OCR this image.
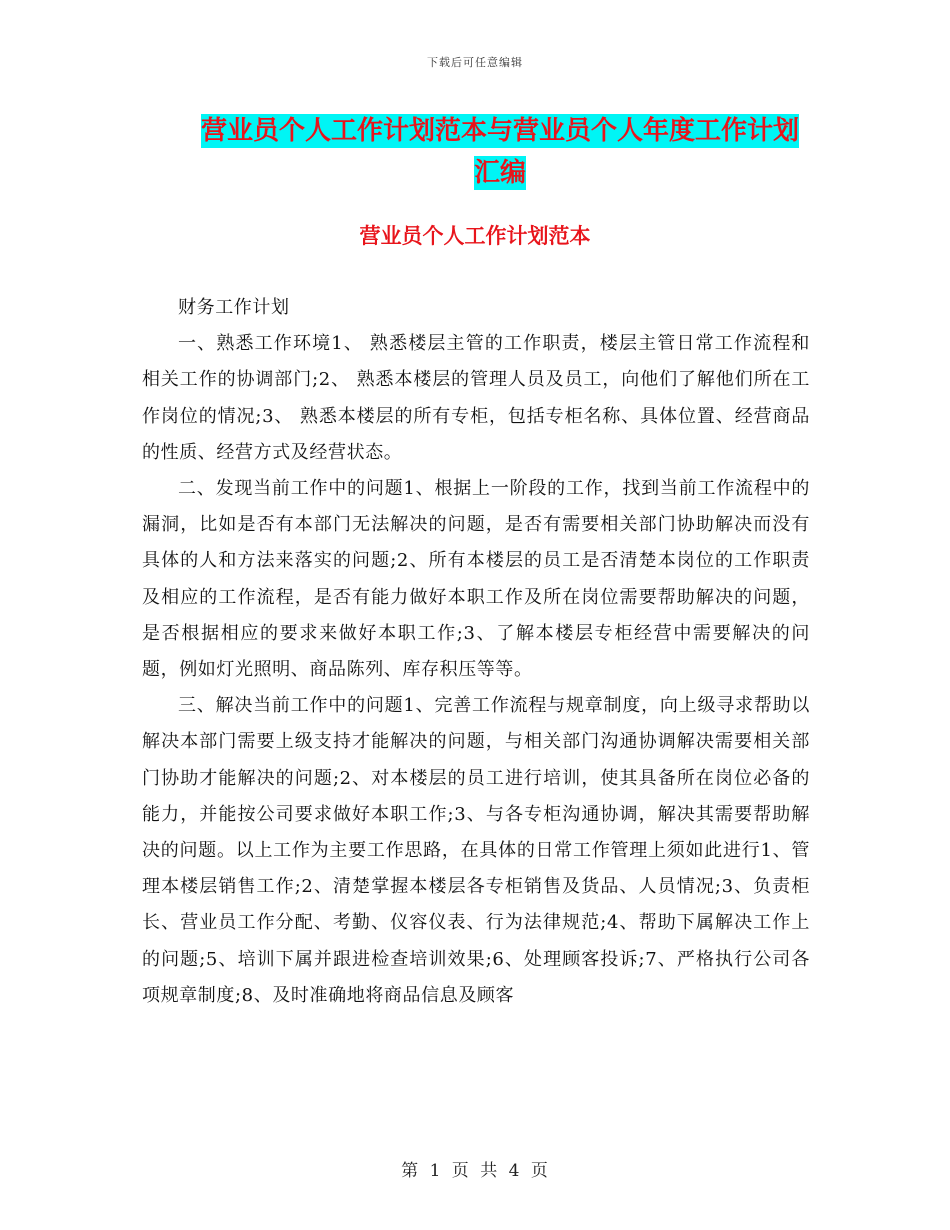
下载后可任意编辑
营业员个人工作计划范本与营业员个人年度工作计划
汇编
营业员个人工作计划范本

财务工作计划

一、熟悉工作环境1、 熟悉楼层主管的工作职责，楼层主管日常工作流程和相关工作的协调部门;2、 熟悉本楼层的管理人员及员工，向他们了解他们所在工作岗位的情况;3、 熟悉本楼层的所有专柜，包括专柜名称、具体位置、经营商品的性质、经营方式及经营状态。

二、发现当前工作中的问题1、根据上一阶段的工作，找到当前工作流程中的漏洞，比如是否有本部门无法解决的问题，是否有需要相关部门协助解决而没有具体的人和方法来落实的问题;2、所有本楼层的员工是否清楚本岗位的工作职责及相应的工作流程，是否有能力做好本职工作及所在岗位需要帮助解决的问题，是否根据相应的要求来做好本职工作;3、了解本楼层专柜经营中需要解决的问题，例如灯光照明、商品陈列、库存积压等等。

三、解决当前工作中的问题1、完善工作流程与规章制度，向上级寻求帮助以解决本部门需要上级支持才能解决的问题，与相关部门沟通协调解决需要相关部门协助才能解决的问题;2、对本楼层的员工进行培训，使其具备所在岗位必备的能力，并能按公司要求做好本职工作;3、与各专柜沟通协调，解决其需要帮助解决的问题。以上工作为主要工作思路，在具体的日常工作管理上须如此进行1、管理本楼层销售工作;2、清楚掌握本楼层各专柜销售及货品、人员情况;3、负责柜长、营业员工作分配、考勤、仪容仪表、行为法律规范;4、帮助下属解决工作上的问题;5、培训下属并跟进检查培训效果;6、处理顾客投诉;7、严格执行公司各项规章制度;8、及时准确地将商品信息及顾客

第 1 页 共 4 页
